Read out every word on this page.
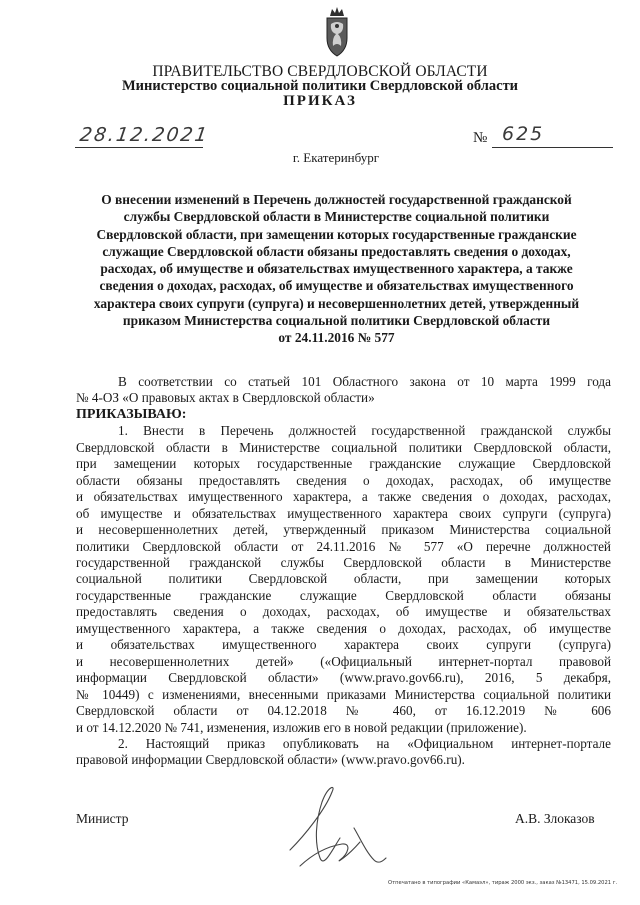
ПРАВИТЕЛЬСТВО СВЕРДЛОВСКОЙ ОБЛАСТИ
Министерство социальной политики Свердловской области
ПРИКАЗ
28.12.2021	№ 625
г. Екатеринбург
О внесении изменений в Перечень должностей государственной гражданской
службы Свердловской области в Министерстве социальной политики
Свердловской области, при замещении которых государственные гражданские
служащие Свердловской области обязаны предоставлять сведения о доходах,
расходах, об имуществе и обязательствах имущественного характера, а также
сведения о доходах, расходах, об имуществе и обязательствах имущественного
характера своих супруги (супруга) и несовершеннолетних детей, утвержденный
приказом Министерства социальной политики Свердловской области
от 24.11.2016 № 577
В соответствии со статьей 101 Областного закона от 10 марта 1999 года
№ 4-ОЗ «О правовых актах в Свердловской области»
ПРИКАЗЫВАЮ:
1. Внести в Перечень должностей государственной гражданской службы
Свердловской области в Министерстве социальной политики Свердловской области,
при замещении которых государственные гражданские служащие Свердловской
области обязаны предоставлять сведения о доходах, расходах, об имуществе
и обязательствах имущественного характера, а также сведения о доходах, расходах,
об имуществе и обязательствах имущественного характера своих супруги (супруга)
и несовершеннолетних детей, утвержденный приказом Министерства социальной
политики Свердловской области от 24.11.2016 № 577 «О перечне должностей
государственной гражданской службы Свердловской области в Министерстве
социальной политики Свердловской области, при замещении которых
государственные гражданские служащие Свердловской области обязаны
предоставлять сведения о доходах, расходах, об имуществе и обязательствах
имущественного характера, а также сведения о доходах, расходах, об имуществе
и обязательствах имущественного характера своих супруги (супруга)
и несовершеннолетних детей» («Официальный интернет-портал правовой
информации Свердловской области» (www.pravo.gov66.ru), 2016, 5 декабря,
№ 10449) с изменениями, внесенными приказами Министерства социальной политики
Свердловской области от 04.12.2018 № 460, от 16.12.2019 № 606
и от 14.12.2020 № 741, изменения, изложив его в новой редакции (приложение).
2. Настоящий приказ опубликовать на «Официальном интернет-портале
правовой информации Свердловской области» (www.pravo.gov66.ru).
Министр	А.В. Злоказов
Отпечатано в типографии «Камаэл», тираж 2000 экз., заказ №13471, 15.09.2021 г.
